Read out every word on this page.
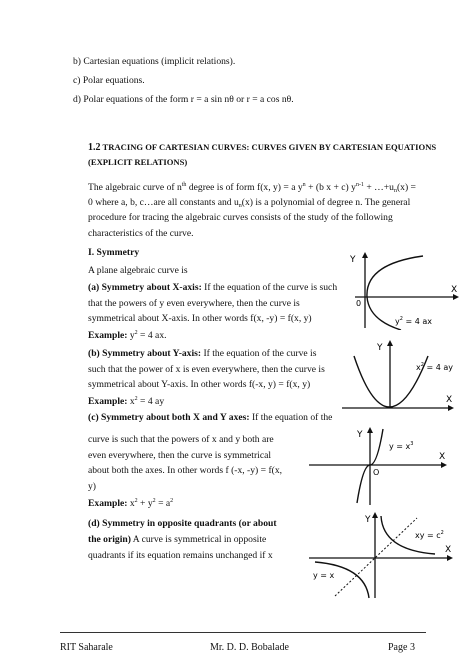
b) Cartesian equations (implicit relations).
c) Polar equations.
d) Polar equations of the form r = a sin nθ or r = a cos nθ.
1.2 TRACING OF CARTESIAN CURVES: CURVES GIVEN BY CARTESIAN EQUATIONS
(EXPLICIT RELATIONS)
The algebraic curve of $n^{th}$ degree is of form f(x, y) = a $y^n + (b$ x + c) $y^{n-1}$ + $\dots+u_n(x)$ =
0 where a, b, c…are all constants and $u_n(x)$ is a polynomial of degree n. The general
procedure for tracing the algebraic curves consists of the study of the following
characteristics of the curve.
I. Symmetry
A plane algebraic curve is
(a) Symmetry about X-axis: If the equation of the curve is such
that the powers of y even everywhere, then the curve is
symmetrical about X-axis. In other words f(x, -y) = f(x, y)
Example: $y^2 = 4$ ax.
(b) Symmetry about Y-axis: If the equation of the curve is
such that the power of x is even everywhere, then the curve is
symmetrical about Y-axis. In other words f(-x, y) = f(x, y)
Example: $x^2 = 4$ ay
(c) Symmetry about both X and Y axes: If the equation of the
curve is such that the powers of x and y both are
even everywhere, then the curve is symmetrical
about both the axes. In other words f (-x, -y) = f(x,
y)
Example: $x^2 + y^2 = a^2$
(d) Symmetry in opposite quadrants (or about
the origin) A curve is symmetrical in opposite
quadrants if its equation remains unchanged if x
Y
X
0
$y^2 = 4$ ax
Y
X
$x^2 = 4$ ay
Y
X
O
$y = x^3$
Y
X
xy = $c^2$
y = x
RIT Saharale	Mr. D. D. Bobalade	Page 3
